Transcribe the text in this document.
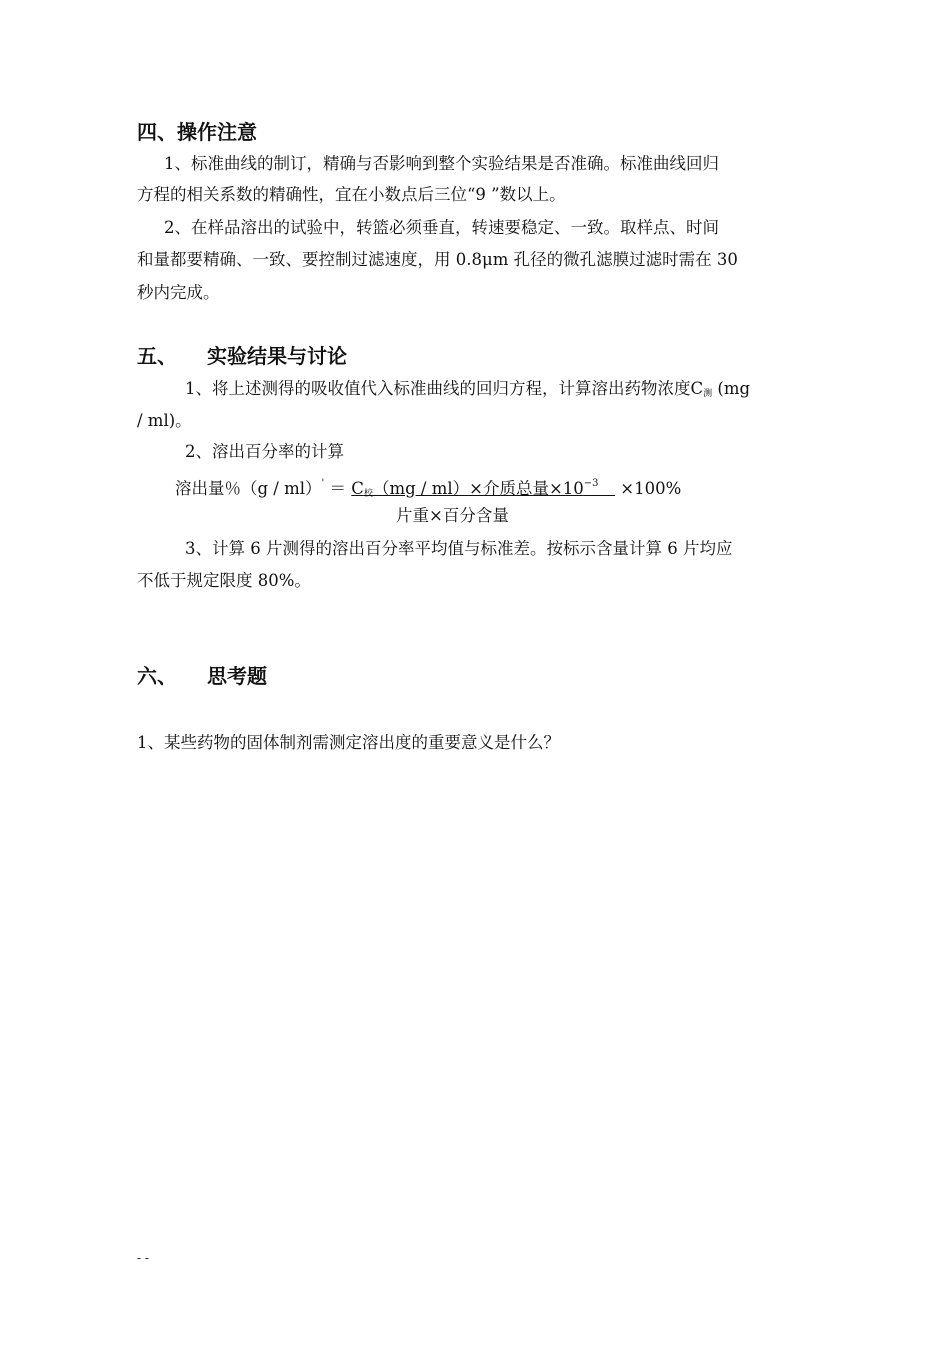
四、操作注意
1、标准曲线的制订，精确与否影响到整个实验结果是否准确。标准曲线回归
方程的相关系数的精确性，宜在小数点后三位“9 ”数以上。
2、在样品溶出的试验中，转篮必须垂直，转速要稳定、一致。取样点、时间
和量都要精确、一致、要控制过滤速度，用 0.8μm 孔径的微孔滤膜过滤时需在 30
秒内完成。
五、 实验结果与讨论
1、将上述测得的吸收值代入标准曲线的回归方程，计算溶出药物浓度$C_测$ (mg
/ ml)。
2、溶出百分率的计算
溶出量％$(g / ml)' = C_校(mg / ml)\times$介质总量$\times 10^{-3}$  ×100%
片重×百分含量
3、计算 6 片测得的溶出百分率平均值与标准差。按标示含量计算 6 片均应
不低于规定限度 80%。
六、 思考题
1、某些药物的固体制剂需测定溶出度的重要意义是什么？
- -
